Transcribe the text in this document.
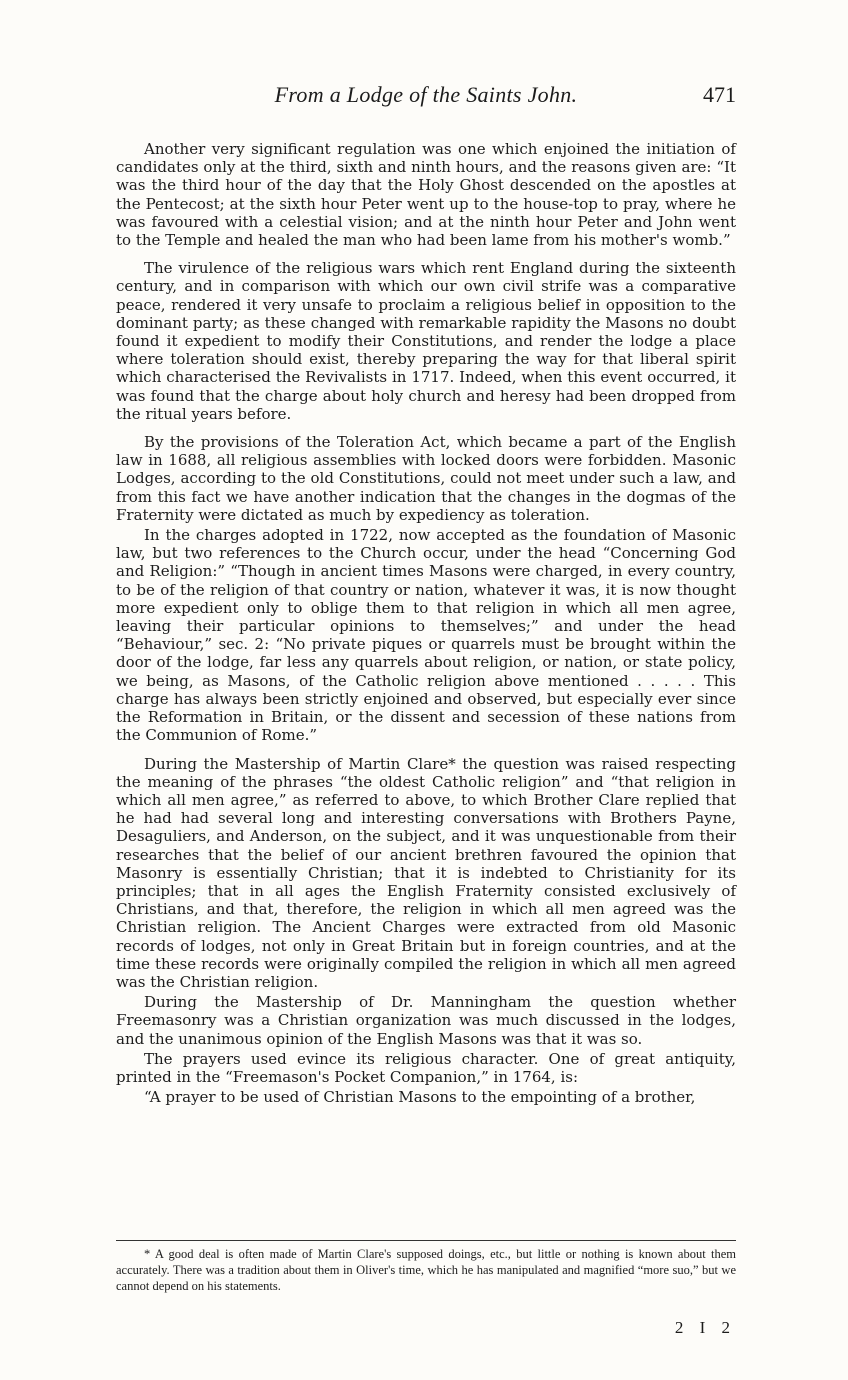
From a Lodge of the Saints John.	471

Another very significant regulation was one which enjoined the initiation of candidates only at the third, sixth and ninth hours, and the reasons given are: “It was the third hour of the day that the Holy Ghost descended on the apostles at the Pentecost; at the sixth hour Peter went up to the house-top to pray, where he was favoured with a celestial vision; and at the ninth hour Peter and John went to the Temple and healed the man who had been lame from his mother's womb.”

The virulence of the religious wars which rent England during the sixteenth century, and in comparison with which our own civil strife was a comparative peace, rendered it very unsafe to proclaim a religious belief in opposition to the dominant party; as these changed with remarkable rapidity the Masons no doubt found it expedient to modify their Constitutions, and render the lodge a place where toleration should exist, thereby preparing the way for that liberal spirit which characterised the Revivalists in 1717. Indeed, when this event occurred, it was found that the charge about holy church and heresy had been dropped from the ritual years before.

By the provisions of the Toleration Act, which became a part of the English law in 1688, all religious assemblies with locked doors were forbidden. Masonic Lodges, according to the old Constitutions, could not meet under such a law, and from this fact we have another indication that the changes in the dogmas of the Fraternity were dictated as much by expediency as toleration.

In the charges adopted in 1722, now accepted as the foundation of Masonic law, but two references to the Church occur, under the head “Concerning God and Religion:” “Though in ancient times Masons were charged, in every country, to be of the religion of that country or nation, whatever it was, it is now thought more expedient only to oblige them to that religion in which all men agree, leaving their particular opinions to themselves;” and under the head “Behaviour,” sec. 2: “No private piques or quarrels must be brought within the door of the lodge, far less any quarrels about religion, or nation, or state policy, we being, as Masons, of the Catholic religion above mentioned . . . . . This charge has always been strictly enjoined and observed, but especially ever since the Reformation in Britain, or the dissent and secession of these nations from the Communion of Rome.”

During the Mastership of Martin Clare* the question was raised respecting the meaning of the phrases “the oldest Catholic religion” and “that religion in which all men agree,” as referred to above, to which Brother Clare replied that he had had several long and interesting conversations with Brothers Payne, Desaguliers, and Anderson, on the subject, and it was unquestionable from their researches that the belief of our ancient brethren favoured the opinion that Masonry is essentially Christian; that it is indebted to Christianity for its principles; that in all ages the English Fraternity consisted exclusively of Christians, and that, therefore, the religion in which all men agreed was the Christian religion. The Ancient Charges were extracted from old Masonic records of lodges, not only in Great Britain but in foreign countries, and at the time these records were originally compiled the religion in which all men agreed was the Christian religion.

During the Mastership of Dr. Manningham the question whether Freemasonry was a Christian organization was much discussed in the lodges, and the unanimous opinion of the English Masons was that it was so.

The prayers used evince its religious character. One of great antiquity, printed in the “Freemason's Pocket Companion,” in 1764, is:

“A prayer to be used of Christian Masons to the empointing of a brother,

* A good deal is often made of Martin Clare's supposed doings, etc., but little or nothing is known about them accurately. There was a tradition about them in Oliver's time, which he has manipulated and magnified “more suo,” but we cannot depend on his statements.

2 I 2
